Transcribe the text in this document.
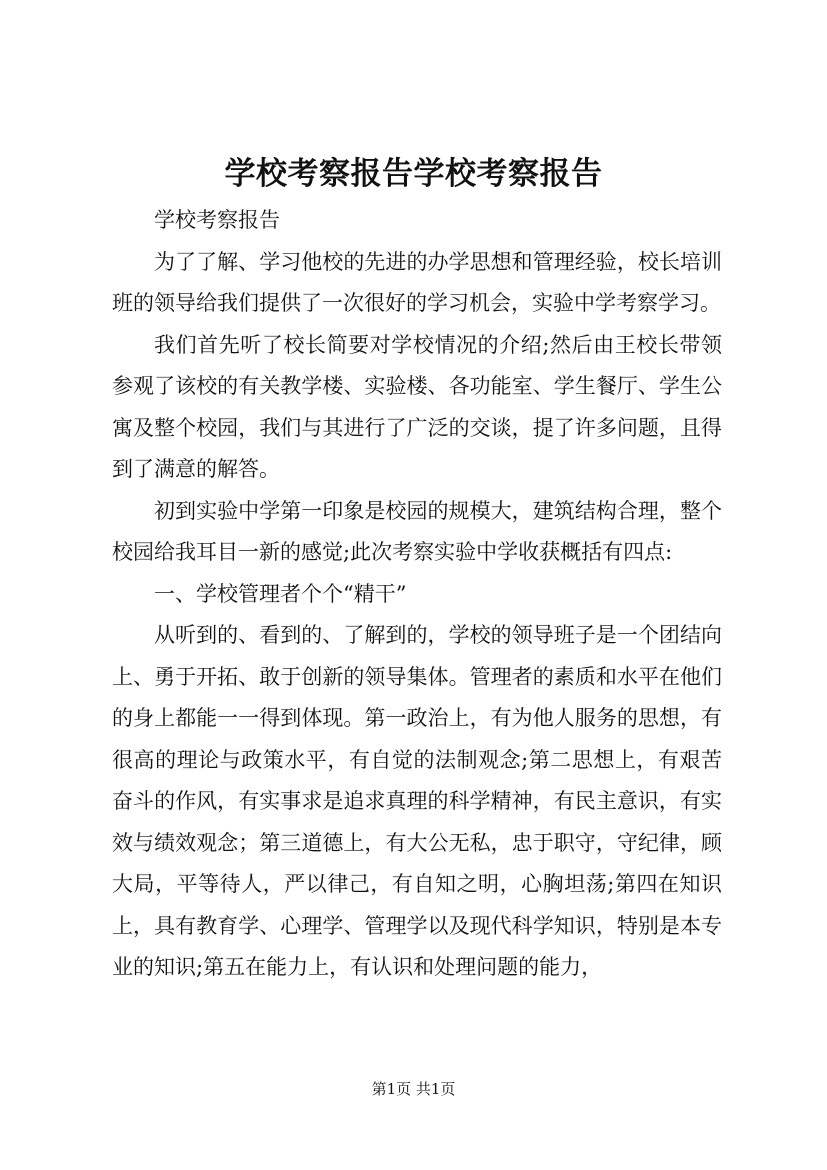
学校考察报告学校考察报告

学校考察报告

为了了解、学习他校的先进的办学思想和管理经验，校长培训班的领导给我们提供了一次很好的学习机会，实验中学考察学习。

我们首先听了校长简要对学校情况的介绍;然后由王校长带领参观了该校的有关教学楼、实验楼、各功能室、学生餐厅、学生公寓及整个校园，我们与其进行了广泛的交谈，提了许多问题，且得到了满意的解答。

初到实验中学第一印象是校园的规模大，建筑结构合理，整个校园给我耳目一新的感觉;此次考察实验中学收获概括有四点:

一、学校管理者个个“精干”

从听到的、看到的、了解到的，学校的领导班子是一个团结向上、勇于开拓、敢于创新的领导集体。管理者的素质和水平在他们的身上都能一一得到体现。第一政治上，有为他人服务的思想，有很高的理论与政策水平，有自觉的法制观念;第二思想上，有艰苦奋斗的作风，有实事求是追求真理的科学精神，有民主意识，有实效与绩效观念；第三道德上，有大公无私，忠于职守，守纪律，顾大局，平等待人，严以律己，有自知之明，心胸坦荡;第四在知识上，具有教育学、心理学、管理学以及现代科学知识，特别是本专业的知识;第五在能力上，有认识和处理问题的能力，

第1页 共1页
